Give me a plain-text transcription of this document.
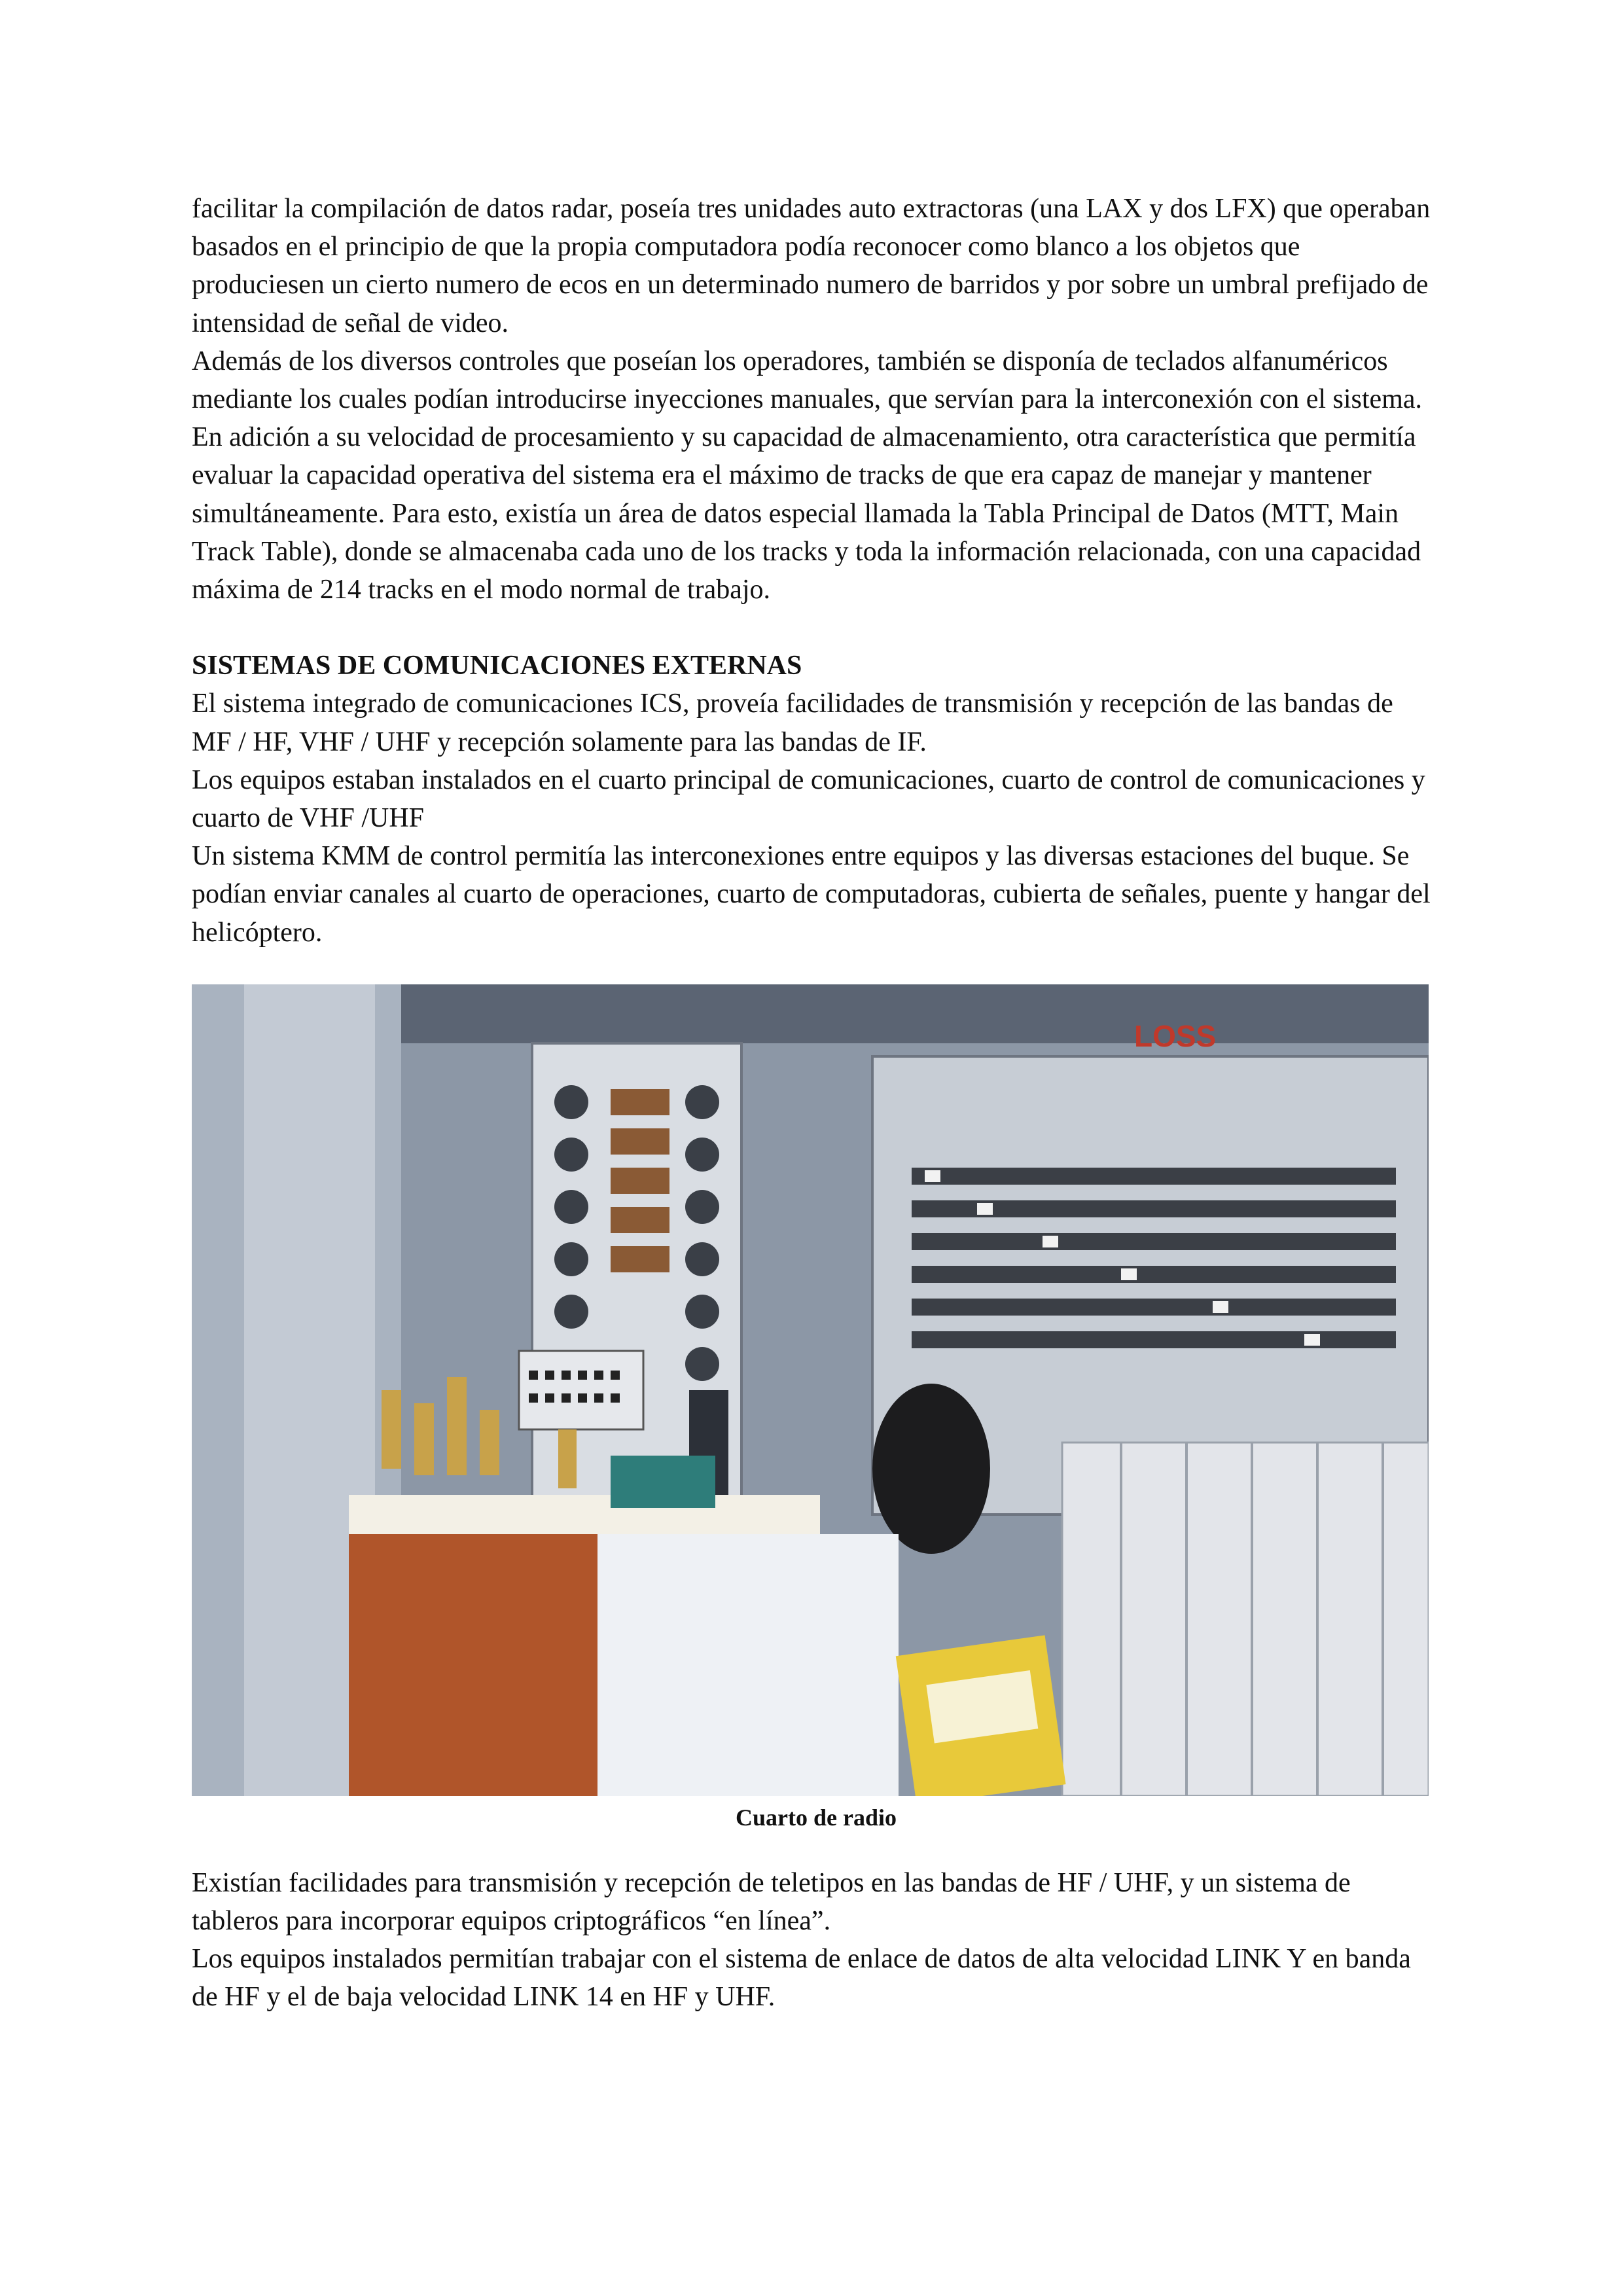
facilitar la compilación de datos radar, poseía tres unidades auto extractoras (una LAX y dos LFX) que operaban basados en el principio de que la propia computadora podía reconocer como blanco a los objetos que produciesen un cierto numero de ecos en un determinado numero de barridos y por sobre un umbral prefijado de intensidad de señal de video.

Además de los diversos controles que poseían los operadores, también se disponía de teclados alfanuméricos mediante los cuales podían introducirse inyecciones manuales, que servían para la interconexión con el sistema.

En adición a su velocidad de procesamiento y su capacidad de almacenamiento, otra característica que permitía evaluar la capacidad operativa del sistema era el máximo de tracks de que era capaz de manejar y mantener simultáneamente. Para esto, existía un área de datos especial llamada la Tabla Principal de Datos (MTT, Main Track Table), donde se almacenaba cada uno de los tracks y toda la información relacionada, con una capacidad máxima de 214 tracks en el modo normal de trabajo.

SISTEMAS DE COMUNICACIONES EXTERNAS

El sistema integrado de comunicaciones ICS, proveía facilidades de transmisión y recepción de las bandas de MF / HF, VHF / UHF y recepción solamente para las bandas de IF.

Los equipos estaban instalados en el cuarto principal de comunicaciones, cuarto de control de comunicaciones y cuarto de VHF /UHF

Un sistema KMM de control permitía las interconexiones entre equipos y las diversas estaciones del buque. Se podían enviar canales al cuarto de operaciones, cuarto de computadoras, cubierta de señales, puente y hangar del helicóptero.

LOSS

Cuarto de radio

Existían facilidades para transmisión y recepción de teletipos en las bandas de HF / UHF, y un sistema de tableros para incorporar equipos criptográficos “en línea”.

Los equipos instalados permitían trabajar con el sistema de enlace de datos de alta velocidad LINK Y en banda de HF y el de baja velocidad LINK 14 en HF y UHF.
